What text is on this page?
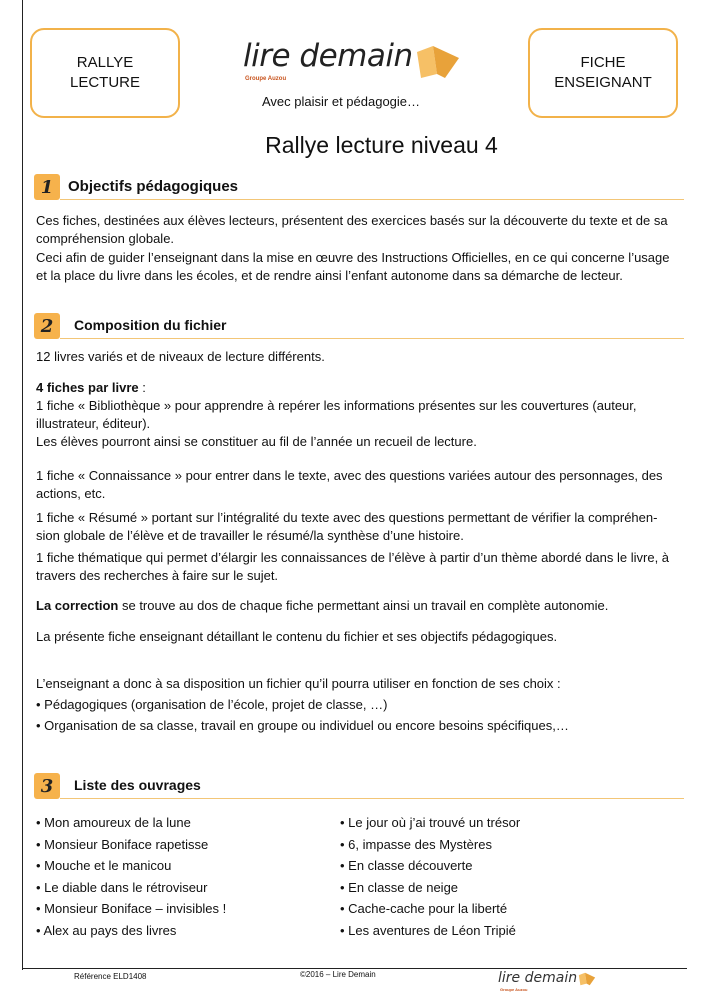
RALLYE
LECTURE
lire demain
Groupe Auzou
Avec plaisir et pédagogie…
FICHE
ENSEIGNANT
Rallye lecture niveau 4
1 Objectifs pédagogiques

Ces fiches, destinées aux élèves lecteurs, présentent des exercices basés sur la découverte du texte et de sa compréhension globale.

Ceci afin de guider l’enseignant dans la mise en œuvre des Instructions Officielles, en ce qui concerne l’usage et la place du livre dans les écoles, et de rendre ainsi l’enfant autonome dans sa démarche de lecteur.

2	Composition du fichier

12 livres variés et de niveaux de lecture différents.

4 fiches par livre :

1 fiche « Bibliothèque » pour apprendre à repérer les informations présentes sur les couvertures (auteur, illustrateur, éditeur).

Les élèves pourront ainsi se constituer au fil de l’année un recueil de lecture.

1 fiche « Connaissance » pour entrer dans le texte, avec des questions variées autour des personnages, des actions, etc.

1 fiche « Résumé » portant sur l’intégralité du texte avec des questions permettant de vérifier la compréhen-sion globale de l’élève et de travailler le résumé/la synthèse d’une histoire.

1 fiche thématique qui permet d’élargir les connaissances de l’élève à partir d’un thème abordé dans le livre, à travers des recherches à faire sur le sujet.

La correction se trouve au dos de chaque fiche permettant ainsi un travail en complète autonomie.

La présente fiche enseignant détaillant le contenu du fichier et ses objectifs pédagogiques.

L’enseignant a donc à sa disposition un fichier qu’il pourra utiliser en fonction de ses choix :

• Pédagogiques (organisation de l’école, projet de classe, …)

• Organisation de sa classe, travail en groupe ou individuel ou encore besoins spécifiques,…

3	Liste des ouvrages
• Mon amoureux de la lune
• Monsieur Boniface rapetisse
• Mouche et le manicou
• Le diable dans le rétroviseur
• Monsieur Boniface – invisibles !
• Alex au pays des livres
• Le jour où j’ai trouvé un trésor
• 6, impasse des Mystères
• En classe découverte
• En classe de neige
• Cache-cache pour la liberté
• Les aventures de Léon Tripié
Référence ELD1408	©2016 – Lire Demain	lire demain
Groupe Auzou
